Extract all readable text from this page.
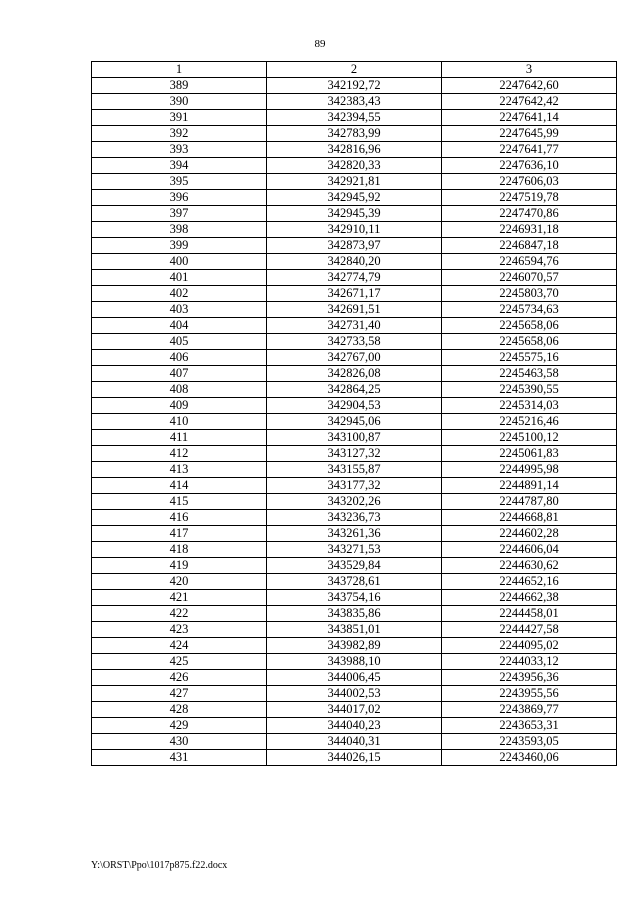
89
1	2	3
389	342192,72	2247642,60
390	342383,43	2247642,42
391	342394,55	2247641,14
392	342783,99	2247645,99
393	342816,96	2247641,77
394	342820,33	2247636,10
395	342921,81	2247606,03
396	342945,92	2247519,78
397	342945,39	2247470,86
398	342910,11	2246931,18
399	342873,97	2246847,18
400	342840,20	2246594,76
401	342774,79	2246070,57
402	342671,17	2245803,70
403	342691,51	2245734,63
404	342731,40	2245658,06
405	342733,58	2245658,06
406	342767,00	2245575,16
407	342826,08	2245463,58
408	342864,25	2245390,55
409	342904,53	2245314,03
410	342945,06	2245216,46
411	343100,87	2245100,12
412	343127,32	2245061,83
413	343155,87	2244995,98
414	343177,32	2244891,14
415	343202,26	2244787,80
416	343236,73	2244668,81
417	343261,36	2244602,28
418	343271,53	2244606,04
419	343529,84	2244630,62
420	343728,61	2244652,16
421	343754,16	2244662,38
422	343835,86	2244458,01
423	343851,01	2244427,58
424	343982,89	2244095,02
425	343988,10	2244033,12
426	344006,45	2243956,36
427	344002,53	2243955,56
428	344017,02	2243869,77
429	344040,23	2243653,31
430	344040,31	2243593,05
431	344026,15	2243460,06
Y:\ORST\Ppo\1017p875.f22.docx
